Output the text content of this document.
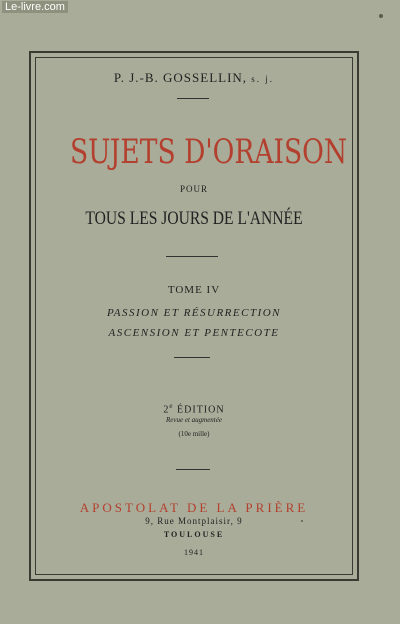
Le-livre.com
P. J.-B. GOSSELLIN, s. j.
SUJETS D'ORAISON
POUR
TOUS LES JOURS DE L'ANNÉE
TOME IV
PASSION ET RÉSURRECTION
ASCENSION ET PENTECOTE
2e ÉDITION
Revue et augmentée
(10e mille)
APOSTOLAT DE LA PRIÈRE
9, Rue Montplaisir, 9
TOULOUSE
1941
